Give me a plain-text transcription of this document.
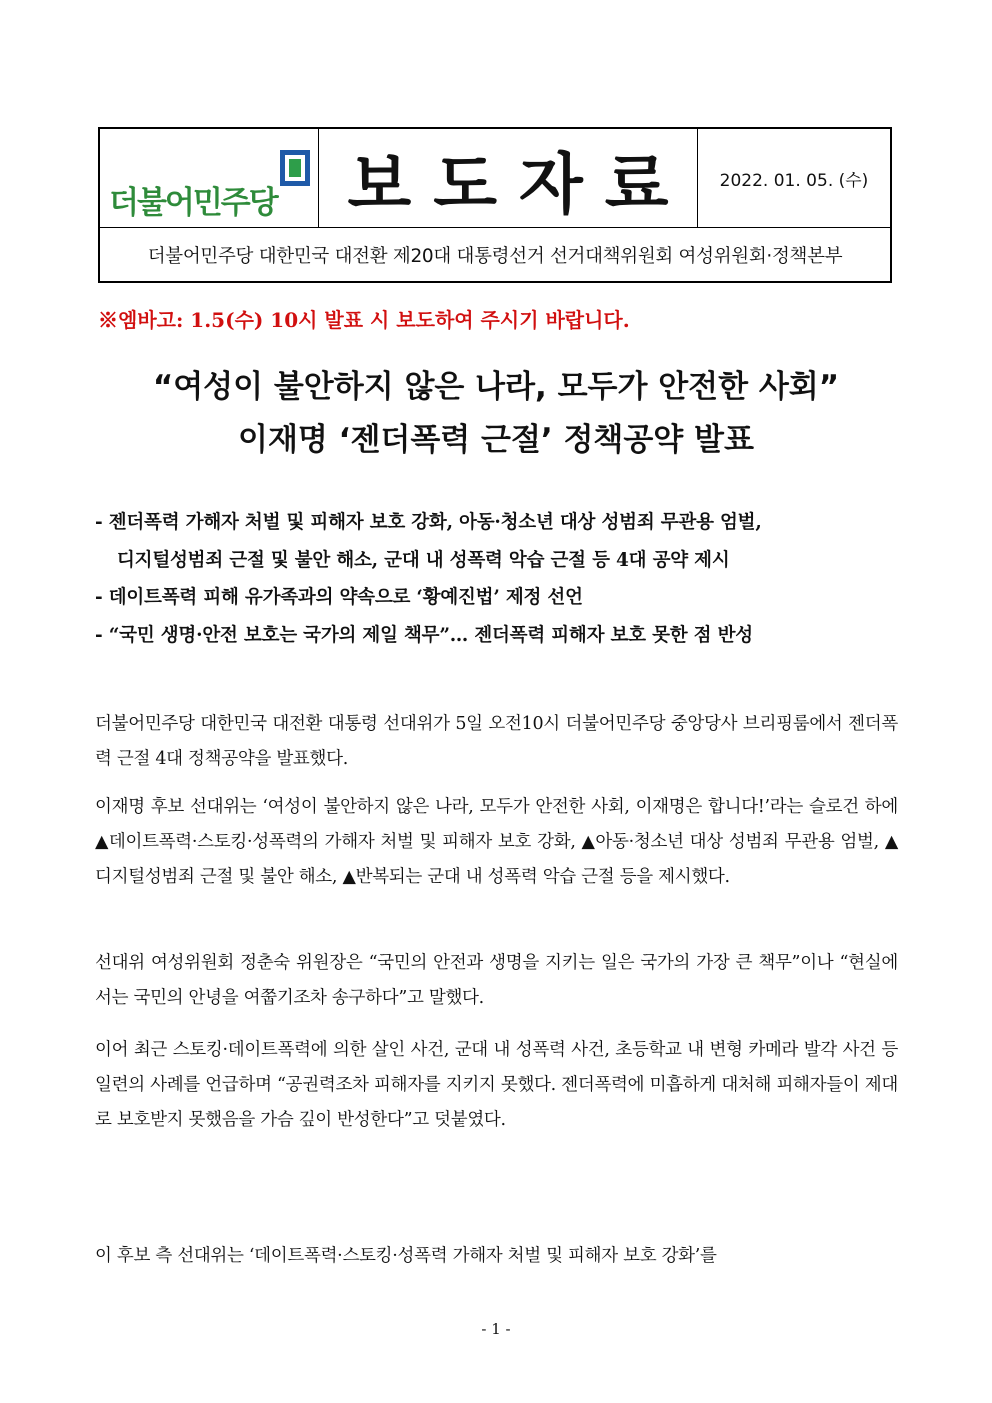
더불어민주당 보도자료	2022. 01. 05. (수)
더불어민주당 대한민국 대전환 제20대 대통령선거 선거대책위원회 여성위원회·정책본부
※엠바고: 1.5(수) 10시 발표 시 보도하여 주시기 바랍니다.
“여성이 불안하지 않은 나라, 모두가 안전한 사회”
이재명 ‘젠더폭력 근절’ 정책공약 발표
- 젠더폭력 가해자 처벌 및 피해자 보호 강화, 아동·청소년 대상 성범죄 무관용 엄벌,
디지털성범죄 근절 및 불안 해소, 군대 내 성폭력 악습 근절 등 4대 공약 제시
- 데이트폭력 피해 유가족과의 약속으로 ‘황예진법’ 제정 선언
- “국민 생명·안전 보호는 국가의 제일 책무”… 젠더폭력 피해자 보호 못한 점 반성
더불어민주당 대한민국 대전환 대통령 선대위가 5일 오전10시 더불어민주당 중앙당사 브리핑룸에서 젠더폭력 근절 4대 정책공약을 발표했다.
이재명 후보 선대위는 ‘여성이 불안하지 않은 나라, 모두가 안전한 사회, 이재명은 합니다!’라는 슬로건 하에 ▲데이트폭력·스토킹·성폭력의 가해자 처벌 및 피해자 보호 강화, ▲아동·청소년 대상 성범죄 무관용 엄벌, ▲디지털성범죄 근절 및 불안 해소, ▲반복되는 군대 내 성폭력 악습 근절 등을 제시했다.
선대위 여성위원회 정춘숙 위원장은 “국민의 안전과 생명을 지키는 일은 국가의 가장 큰 책무”이나 “현실에서는 국민의 안녕을 여쭙기조차 송구하다”고 말했다.
이어 최근 스토킹·데이트폭력에 의한 살인 사건, 군대 내 성폭력 사건, 초등학교 내 변형 카메라 발각 사건 등 일련의 사례를 언급하며 “공권력조차 피해자를 지키지 못했다. 젠더폭력에 미흡하게 대처해 피해자들이 제대로 보호받지 못했음을 가슴 깊이 반성한다”고 덧붙였다.
이 후보 측 선대위는 ‘데이트폭력·스토킹·성폭력 가해자 처벌 및 피해자 보호 강화’를
- 1 -
